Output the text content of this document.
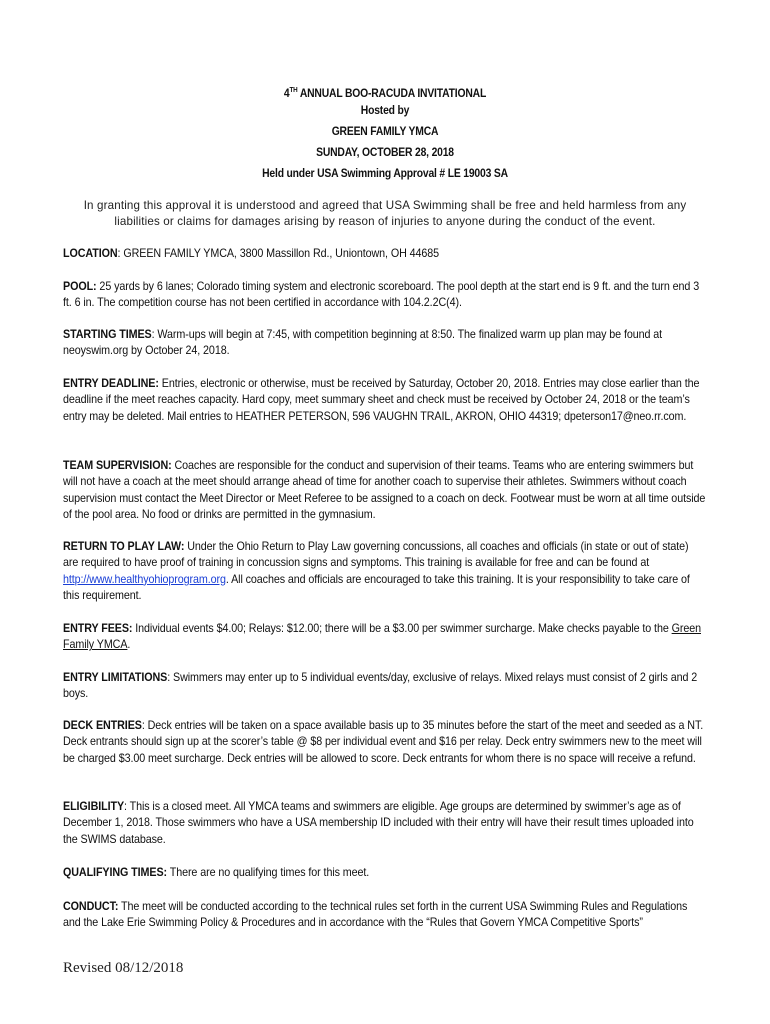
4TH ANNUAL BOO-RACUDA INVITATIONAL
Hosted by
GREEN FAMILY YMCA
SUNDAY, OCTOBER 28, 2018
Held under USA Swimming Approval # LE 19003 SA
In granting this approval it is understood and agreed that USA Swimming shall be free and held harmless from any liabilities or claims for damages arising by reason of injuries to anyone during the conduct of the event.
LOCATION: GREEN FAMILY YMCA, 3800 Massillon Rd., Uniontown, OH 44685
POOL: 25 yards by 6 lanes; Colorado timing system and electronic scoreboard. The pool depth at the start end is 9 ft. and the turn end 3 ft. 6 in. The competition course has not been certified in accordance with 104.2.2C(4).
STARTING TIMES: Warm-ups will begin at 7:45, with competition beginning at 8:50. The finalized warm up plan may be found at neoyswim.org by October 24, 2018.
ENTRY DEADLINE: Entries, electronic or otherwise, must be received by Saturday, October 20, 2018. Entries may close earlier than the deadline if the meet reaches capacity. Hard copy, meet summary sheet and check must be received by October 24, 2018 or the team’s entry may be deleted. Mail entries to HEATHER PETERSON, 596 VAUGHN TRAIL, AKRON, OHIO 44319; dpeterson17@neo.rr.com.
TEAM SUPERVISION: Coaches are responsible for the conduct and supervision of their teams. Teams who are entering swimmers but will not have a coach at the meet should arrange ahead of time for another coach to supervise their athletes. Swimmers without coach supervision must contact the Meet Director or Meet Referee to be assigned to a coach on deck. Footwear must be worn at all time outside of the pool area. No food or drinks are permitted in the gymnasium.
RETURN TO PLAY LAW: Under the Ohio Return to Play Law governing concussions, all coaches and officials (in state or out of state) are required to have proof of training in concussion signs and symptoms. This training is available for free and can be found at http://www.healthyohioprogram.org. All coaches and officials are encouraged to take this training. It is your responsibility to take care of this requirement.
ENTRY FEES: Individual events $4.00; Relays: $12.00; there will be a $3.00 per swimmer surcharge. Make checks payable to the Green Family YMCA.
ENTRY LIMITATIONS: Swimmers may enter up to 5 individual events/day, exclusive of relays. Mixed relays must consist of 2 girls and 2 boys.
DECK ENTRIES: Deck entries will be taken on a space available basis up to 35 minutes before the start of the meet and seeded as a NT. Deck entrants should sign up at the scorer’s table @ $8 per individual event and $16 per relay. Deck entry swimmers new to the meet will be charged $3.00 meet surcharge. Deck entries will be allowed to score. Deck entrants for whom there is no space will receive a refund.
ELIGIBILITY: This is a closed meet. All YMCA teams and swimmers are eligible. Age groups are determined by swimmer’s age as of December 1, 2018. Those swimmers who have a USA membership ID included with their entry will have their result times uploaded into the SWIMS database.
QUALIFYING TIMES: There are no qualifying times for this meet.
CONDUCT: The meet will be conducted according to the technical rules set forth in the current USA Swimming Rules and Regulations and the Lake Erie Swimming Policy & Procedures and in accordance with the “Rules that Govern YMCA Competitive Sports”
Revised 08/12/2018
